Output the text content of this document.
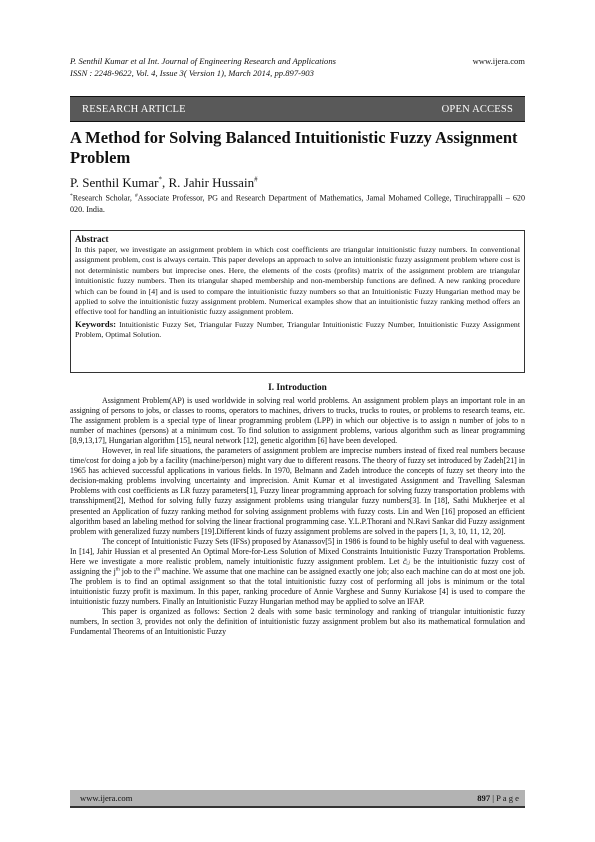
P. Senthil Kumar et al Int. Journal of Engineering Research and Applications	www.ijera.com
ISSN : 2248-9622, Vol. 4, Issue 3( Version 1), March 2014, pp.897-903
RESEARCH ARTICLE	OPEN ACCESS
A Method for Solving Balanced Intuitionistic Fuzzy Assignment Problem
P. Senthil Kumar*, R. Jahir Hussain#
*Research Scholar, #Associate Professor, PG and Research Department of Mathematics, Jamal Mohamed College, Tiruchirappalli – 620 020. India.
Abstract
In this paper, we investigate an assignment problem in which cost coefficients are triangular intuitionistic fuzzy numbers. In conventional assignment problem, cost is always certain. This paper develops an approach to solve an intuitionistic fuzzy assignment problem where cost is not deterministic numbers but imprecise ones. Here, the elements of the costs (profits) matrix of the assignment problem are triangular intuitionistic fuzzy numbers. Then its triangular shaped membership and non-membership functions are defined. A new ranking procedure which can be found in [4] and is used to compare the intuitionistic fuzzy numbers so that an Intuitionistic Fuzzy Hungarian method may be applied to solve the intuitionistic fuzzy assignment problem. Numerical examples show that an intuitionistic fuzzy ranking method offers an effective tool for handling an intuitionistic fuzzy assignment problem.
Keywords: Intuitionistic Fuzzy Set, Triangular Fuzzy Number, Triangular Intuitionistic Fuzzy Number, Intuitionistic Fuzzy Assignment Problem, Optimal Solution.
I. Introduction

Assignment Problem(AP) is used worldwide in solving real world problems. An assignment problem plays an important role in an assigning of persons to jobs, or classes to rooms, operators to machines, drivers to trucks, trucks to routes, or problems to research teams, etc. The assignment problem is a special type of linear programming problem (LPP) in which our objective is to assign n number of jobs to n number of machines (persons) at a minimum cost. To find solution to assignment problems, various algorithm such as linear programming [8,9,13,17], Hungarian algorithm [15], neural network [12], genetic algorithm [6] have been developed.

However, in real life situations, the parameters of assignment problem are imprecise numbers instead of fixed real numbers because time/cost for doing a job by a facility (machine/person) might vary due to different reasons. The theory of fuzzy set introduced by Zadeh[21] in 1965 has achieved successful applications in various fields. In 1970, Belmann and Zadeh introduce the concepts of fuzzy set theory into the decision-making problems involving uncertainty and imprecision. Amit Kumar et al investigated Assignment and Travelling Salesman Problems with cost coefficients as LR fuzzy parameters[1], Fuzzy linear programming approach for solving fuzzy transportation problems with transshipment[2], Method for solving fully fuzzy assignment problems using triangular fuzzy numbers[3]. In [18], Sathi Mukherjee et al presented an Application of fuzzy ranking method for solving assignment problems with fuzzy costs. Lin and Wen [16] proposed an efficient algorithm based an labeling method for solving the linear fractional programming case. Y.L.P.Thorani and N.Ravi Sankar did Fuzzy assignment problem with generalized fuzzy numbers [19].Different kinds of fuzzy assignment problems are solved in the papers [1, 3, 10, 11, 12, 20].

The concept of Intuitionistic Fuzzy Sets (IFSs) proposed by Atanassov[5] in 1986 is found to be highly useful to deal with vagueness. In [14], Jahir Hussian et al presented An Optimal More-for-Less Solution of Mixed Constraints Intuitionistic Fuzzy Transportation Problems. Here we investigate a more realistic problem, namely intuitionistic fuzzy assignment problem. Let c̃ᵢⱼ be the intuitionistic fuzzy cost of assigning the $j^{th}$ job to the $i^{th}$ machine. We assume that one machine can be assigned exactly one job; also each machine can do at most one job. The problem is to find an optimal assignment so that the total intuitionistic fuzzy cost of performing all jobs is minimum or the total intuitionistic fuzzy profit is maximum. In this paper, ranking procedure of Annie Varghese and Sunny Kuriakose [4] is used to compare the intuitionistic fuzzy numbers. Finally an Intuitionistic Fuzzy Hungarian method may be applied to solve an IFAP.

This paper is organized as follows: Section 2 deals with some basic terminology and ranking of triangular intuitionistic fuzzy numbers, In section 3, provides not only the definition of intuitionistic fuzzy assignment problem but also its mathematical formulation and Fundamental Theorems of an Intuitionistic Fuzzy

www.ijera.com	897 | P a g e
